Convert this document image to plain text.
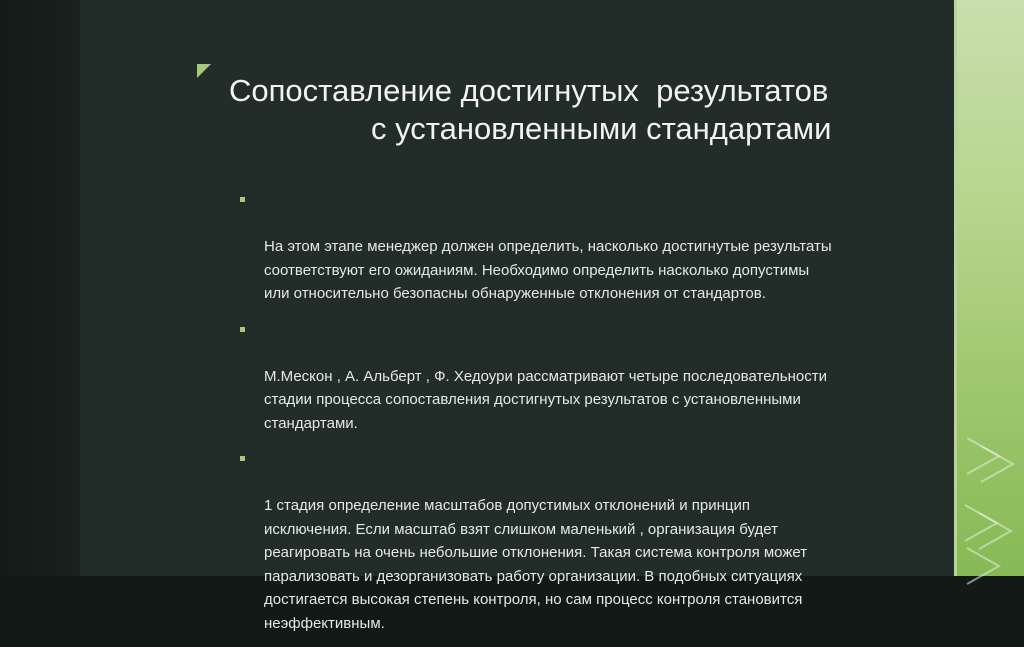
Сопоставление достигнутых  результатов
с установленными стандартами

На этом этапе менеджер должен определить, насколько достигнутые результаты
соответствуют его ожиданиям. Необходимо определить насколько допустимы
или относительно безопасны обнаруженные отклонения от стандартов.

М.Мескон , А. Альберт , Ф. Хедоури рассматривают четыре последовательности
стадии процесса сопоставления достигнутых результатов с установленными
стандартами.

1 стадия определение масштабов допустимых отклонений и принцип
исключения. Если масштаб взят слишком маленький , организация будет
реагировать на очень небольшие отклонения. Такая система контроля может
парализовать и дезорганизовать работу организации. В подобных ситуациях
достигается высокая степень контроля, но сам процесс контроля становится
неэффективным.
